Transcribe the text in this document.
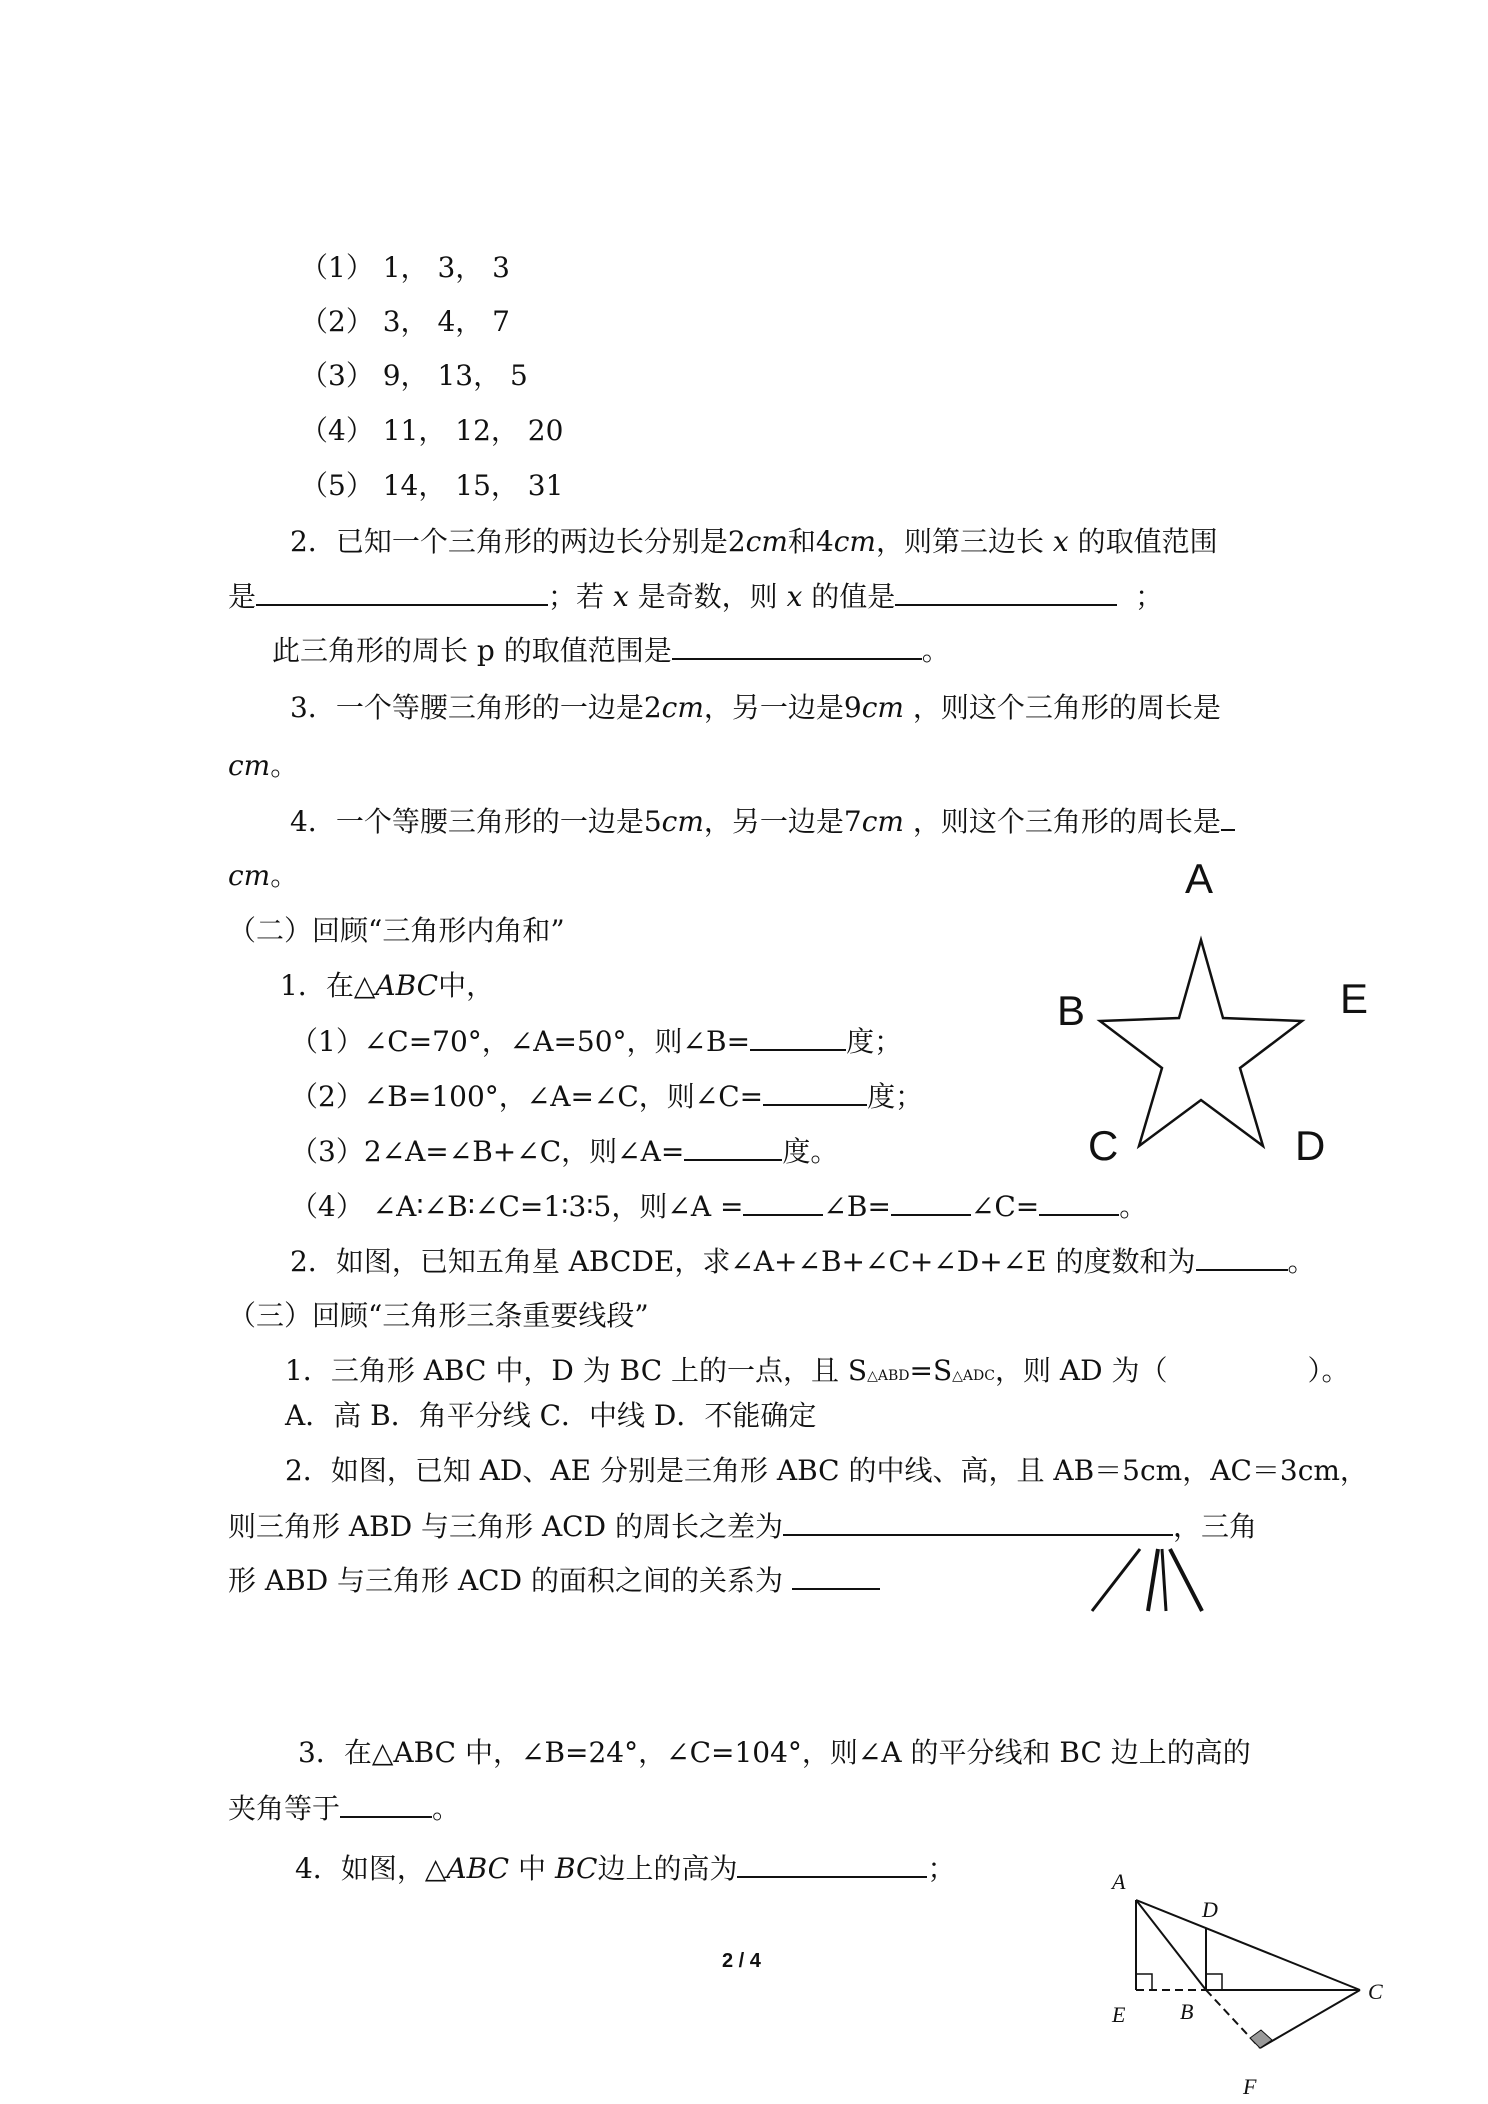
（1） 1， 3， 3
（2） 3， 4， 7
（3） 9， 13， 5
（4） 11， 12， 20
（5） 14， 15， 31
2．已知一个三角形的两边长分别是2cm和4cm，则第三边长 x 的取值范围
是	；若 x 是奇数，则 x 的值是	；
此三角形的周长 p 的取值范围是	。
3．一个等腰三角形的一边是2cm，另一边是9cm ，则这个三角形的周长是
cm。
4．一个等腰三角形的一边是5cm，另一边是7cm ，则这个三角形的周长是
cm。
（二）回顾“三角形内角和”
1．在△ABC中，
（1）∠C=70°，∠A=50°，则∠B=	度；
（2）∠B=100°，∠A=∠C，则∠C=	度；
（3）2∠A=∠B+∠C，则∠A=	度。
（4） ∠A∶∠B∶∠C=1∶3∶5，则∠A =	∠B=	∠C=	。
2．如图，已知五角星 ABCDE，求∠A+∠B+∠C+∠D+∠E 的度数和为	。
A
B	E
C	D
（三）回顾“三角形三条重要线段”
1．三角形 ABC 中，D 为 BC 上的一点，且 S△ABD=S△ADC，则 AD 为（	）。
A．高 B．角平分线 C．中线 D．不能确定
2．如图，已知 AD、AE 分别是三角形 ABC 的中线、高，且 AB＝5cm，AC＝3cm，
则三角形 ABD 与三角形 ACD 的周长之差为	，三角
形 ABD 与三角形 ACD 的面积之间的关系为
3．在△ABC 中，∠B=24°，∠C=104°，则∠A 的平分线和 BC 边上的高的
夹角等于	。
4．如图，△ABC 中 BC边上的高为	；
2 / 4
A
D
C
E B
F
